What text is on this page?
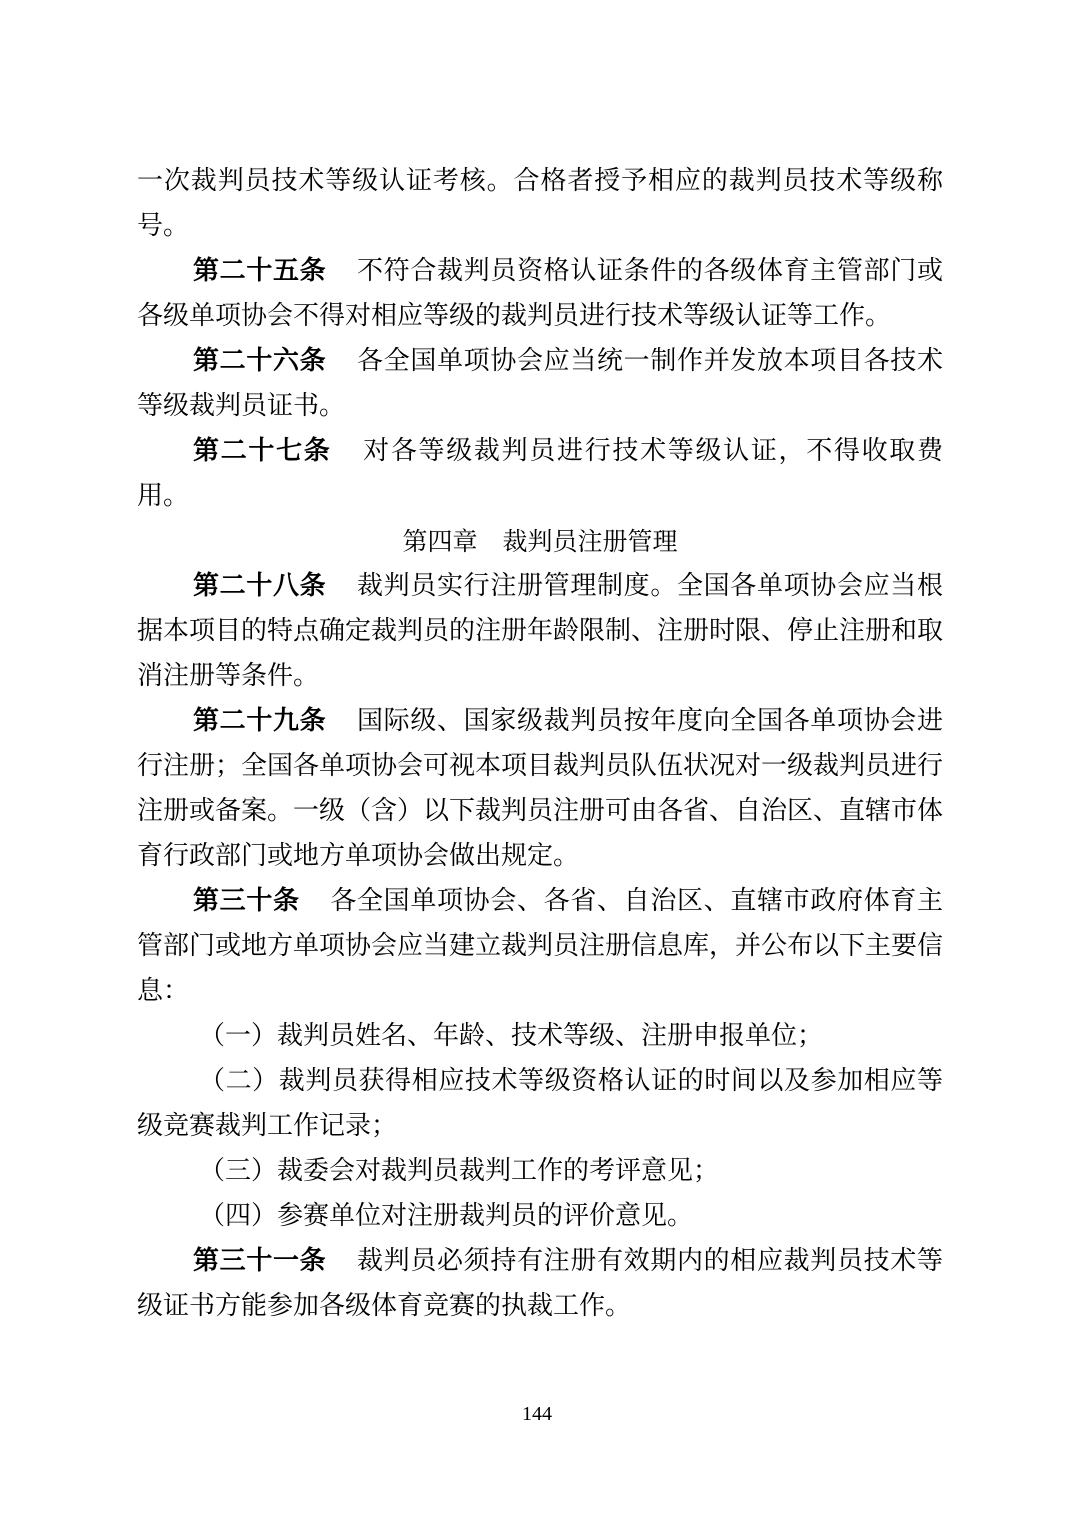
一次裁判员技术等级认证考核。合格者授予相应的裁判员技术等级称号。

第二十五条 不符合裁判员资格认证条件的各级体育主管部门或各级单项协会不得对相应等级的裁判员进行技术等级认证等工作。

第二十六条 各全国单项协会应当统一制作并发放本项目各技术等级裁判员证书。

第二十七条 对各等级裁判员进行技术等级认证，不得收取费用。

第四章　裁判员注册管理

第二十八条 裁判员实行注册管理制度。全国各单项协会应当根据本项目的特点确定裁判员的注册年龄限制、注册时限、停止注册和取消注册等条件。

第二十九条 国际级、国家级裁判员按年度向全国各单项协会进行注册；全国各单项协会可视本项目裁判员队伍状况对一级裁判员进行注册或备案。一级（含）以下裁判员注册可由各省、自治区、直辖市体育行政部门或地方单项协会做出规定。

第三十条 各全国单项协会、各省、自治区、直辖市政府体育主管部门或地方单项协会应当建立裁判员注册信息库，并公布以下主要信息：

（一）裁判员姓名、年龄、技术等级、注册申报单位；

（二）裁判员获得相应技术等级资格认证的时间以及参加相应等级竞赛裁判工作记录；

（三）裁委会对裁判员裁判工作的考评意见；

（四）参赛单位对注册裁判员的评价意见。

第三十一条 裁判员必须持有注册有效期内的相应裁判员技术等级证书方能参加各级体育竞赛的执裁工作。

144
